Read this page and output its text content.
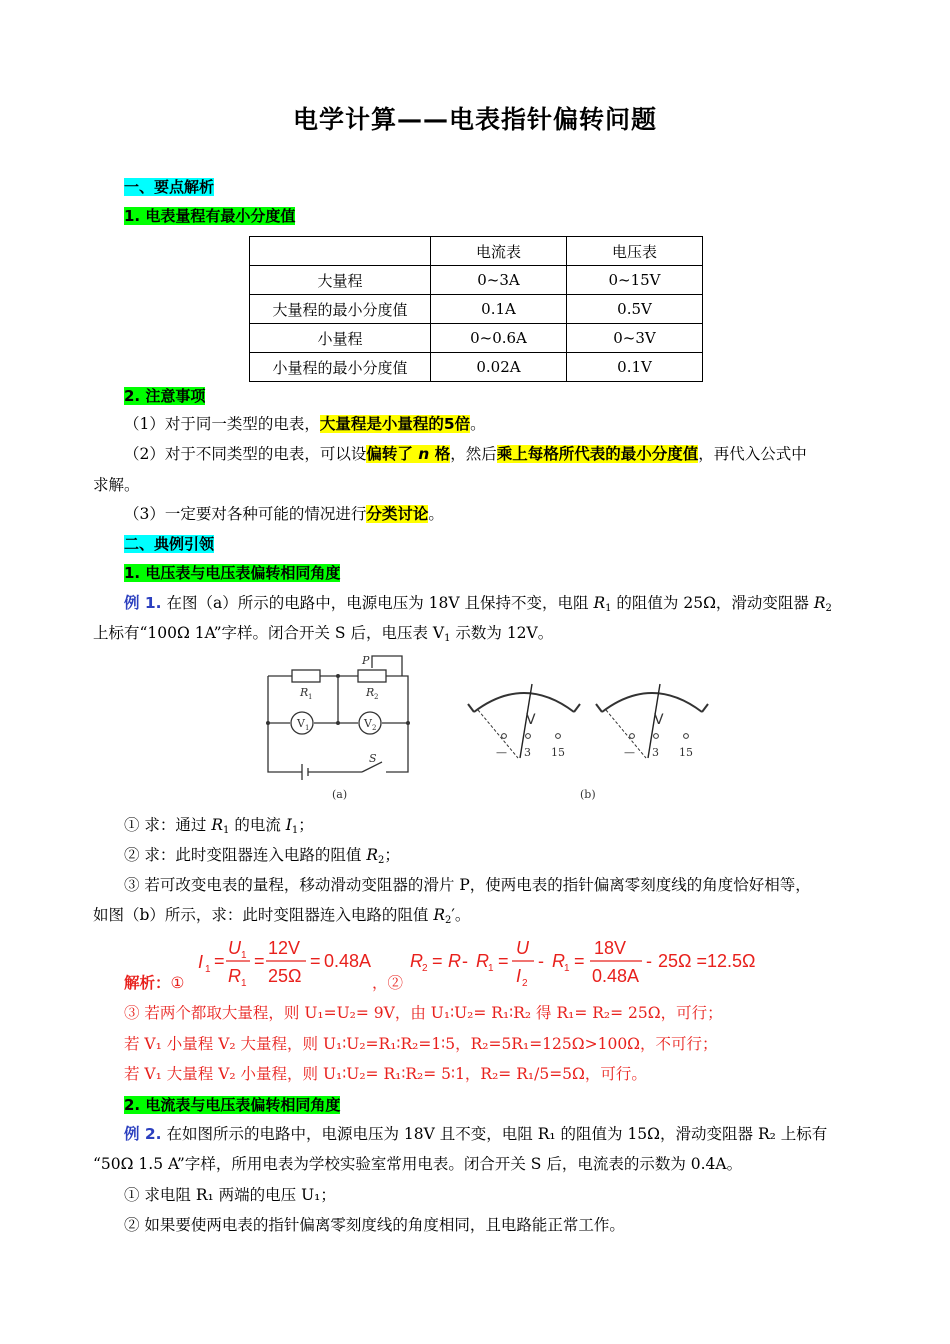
电学计算——电表指针偏转问题
一、要点解析
1. 电表量程有最小分度值
	电流表	电压表
大量程	0~3A	0~15V
大量程的最小分度值	0.1A	0.5V
小量程	0~0.6A	0~3V
小量程的最小分度值	0.02A	0.1V
2. 注意事项
（1）对于同一类型的电表，大量程是小量程的5倍。
（2）对于不同类型的电表，可以设偏转了 n 格，然后乘上每格所代表的最小分度值，再代入公式中
求解。
（3）一定要对各种可能的情况进行分类讨论。
二、典例引领
1. 电压表与电压表偏转相同角度
例 1. 在图（a）所示的电路中，电源电压为 18V 且保持不变，电阻 $R_1$ 的阻值为 25Ω，滑动变阻器 $R_2$
上标有“100Ω 1A”字样。闭合开关 S 后，电压表 $V_1$ 示数为 12V。
P
R 1	R 2
V 1	V 2
S
(a)	(b)
V
— 3 15
V
— 3 15
① 求：通过 $R_1$ 的电流 $I_1$；
② 求：此时变阻器连入电路的阻值 $R_2$；
③ 若可改变电表的量程，移动滑动变阻器的滑片 P，使两电表的指针偏离零刻度线的角度恰好相等，
如图（b）所示，求：此时变阻器连入电路的阻值 $R_2'$。
解析：①
I 1 =
U 1
R 1
=
12V
25Ω
= 0.48A
，②
R 2 = R - R 1 =
U
I 2
- R 1 =
18V
0.48A
- 25Ω =12.5Ω
③ 若两个都取大量程，则 U₁=U₂= 9V，由 U₁∶U₂= R₁∶R₂ 得 R₁= R₂= 25Ω，可行；
若 V₁ 小量程 V₂ 大量程，则 U₁∶U₂=R₁∶R₂=1∶5，R₂=5R₁=125Ω>100Ω，不可行；
若 V₁ 大量程 V₂ 小量程，则 U₁∶U₂= R₁∶R₂= 5∶1，R₂= R₁/5=5Ω，可行。
2. 电流表与电压表偏转相同角度
例 2. 在如图所示的电路中，电源电压为 18V 且不变，电阻 R₁ 的阻值为 15Ω，滑动变阻器 R₂ 上标有
“50Ω 1.5 A”字样，所用电表为学校实验室常用电表。闭合开关 S 后，电流表的示数为 0.4A。
① 求电阻 R₁ 两端的电压 U₁；
② 如果要使两电表的指针偏离零刻度线的角度相同，且电路能正常工作。
